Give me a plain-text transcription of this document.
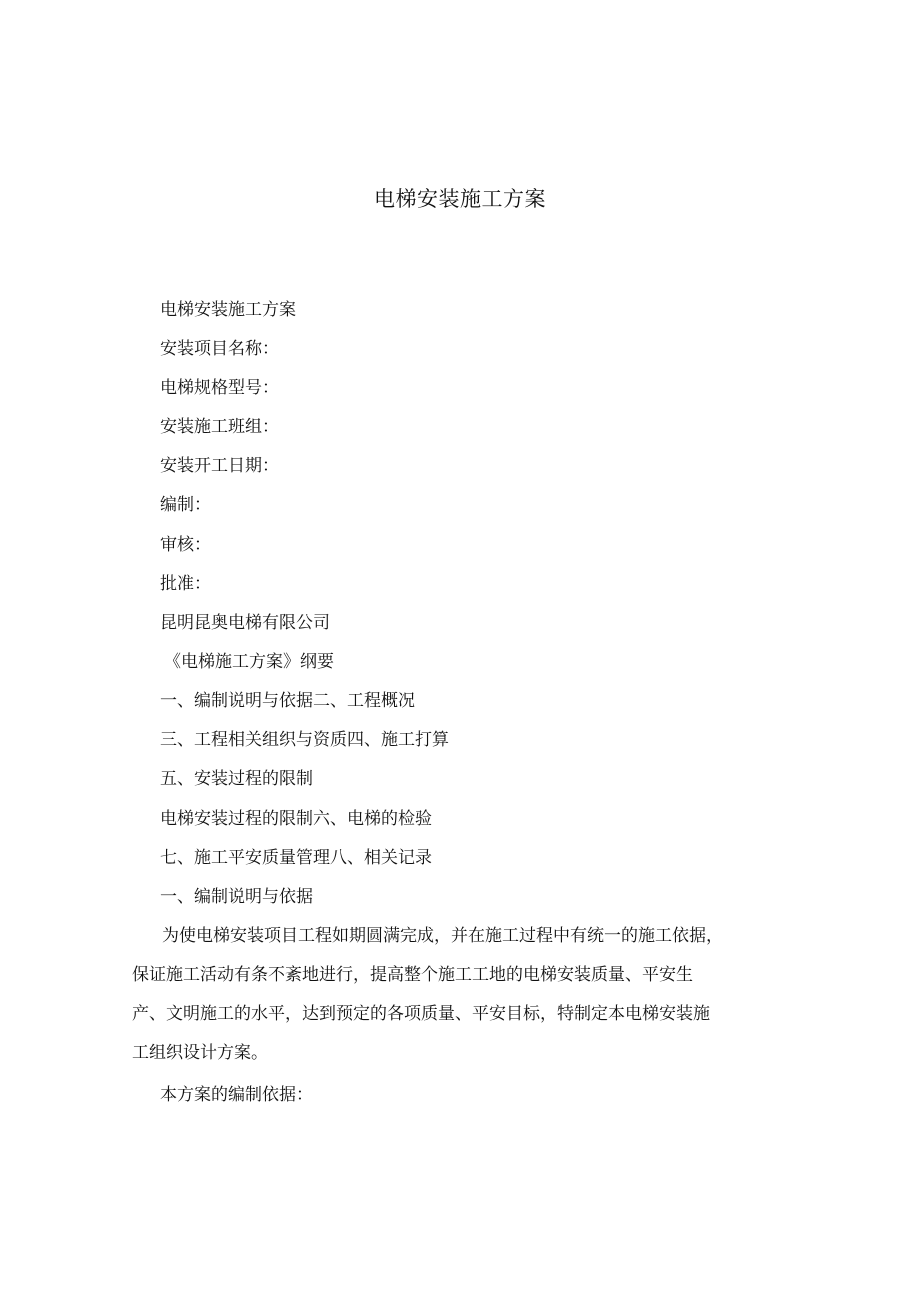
电梯安装施工方案

电梯安装施工方案

安装项目名称：

电梯规格型号：

安装施工班组：

安装开工日期：

编制：

审核：

批准：

昆明昆奥电梯有限公司

《电梯施工方案》纲要

一、编制说明与依据二、工程概况

三、工程相关组织与资质四、施工打算

五、安装过程的限制

电梯安装过程的限制六、电梯的检验

七、施工平安质量管理八、相关记录

一、编制说明与依据

为使电梯安装项目工程如期圆满完成，并在施工过程中有统一的施工依据，
保证施工活动有条不紊地进行，提高整个施工工地的电梯安装质量、平安生
产、文明施工的水平，达到预定的各项质量、平安目标，特制定本电梯安装施
工组织设计方案。

本方案的编制依据：
